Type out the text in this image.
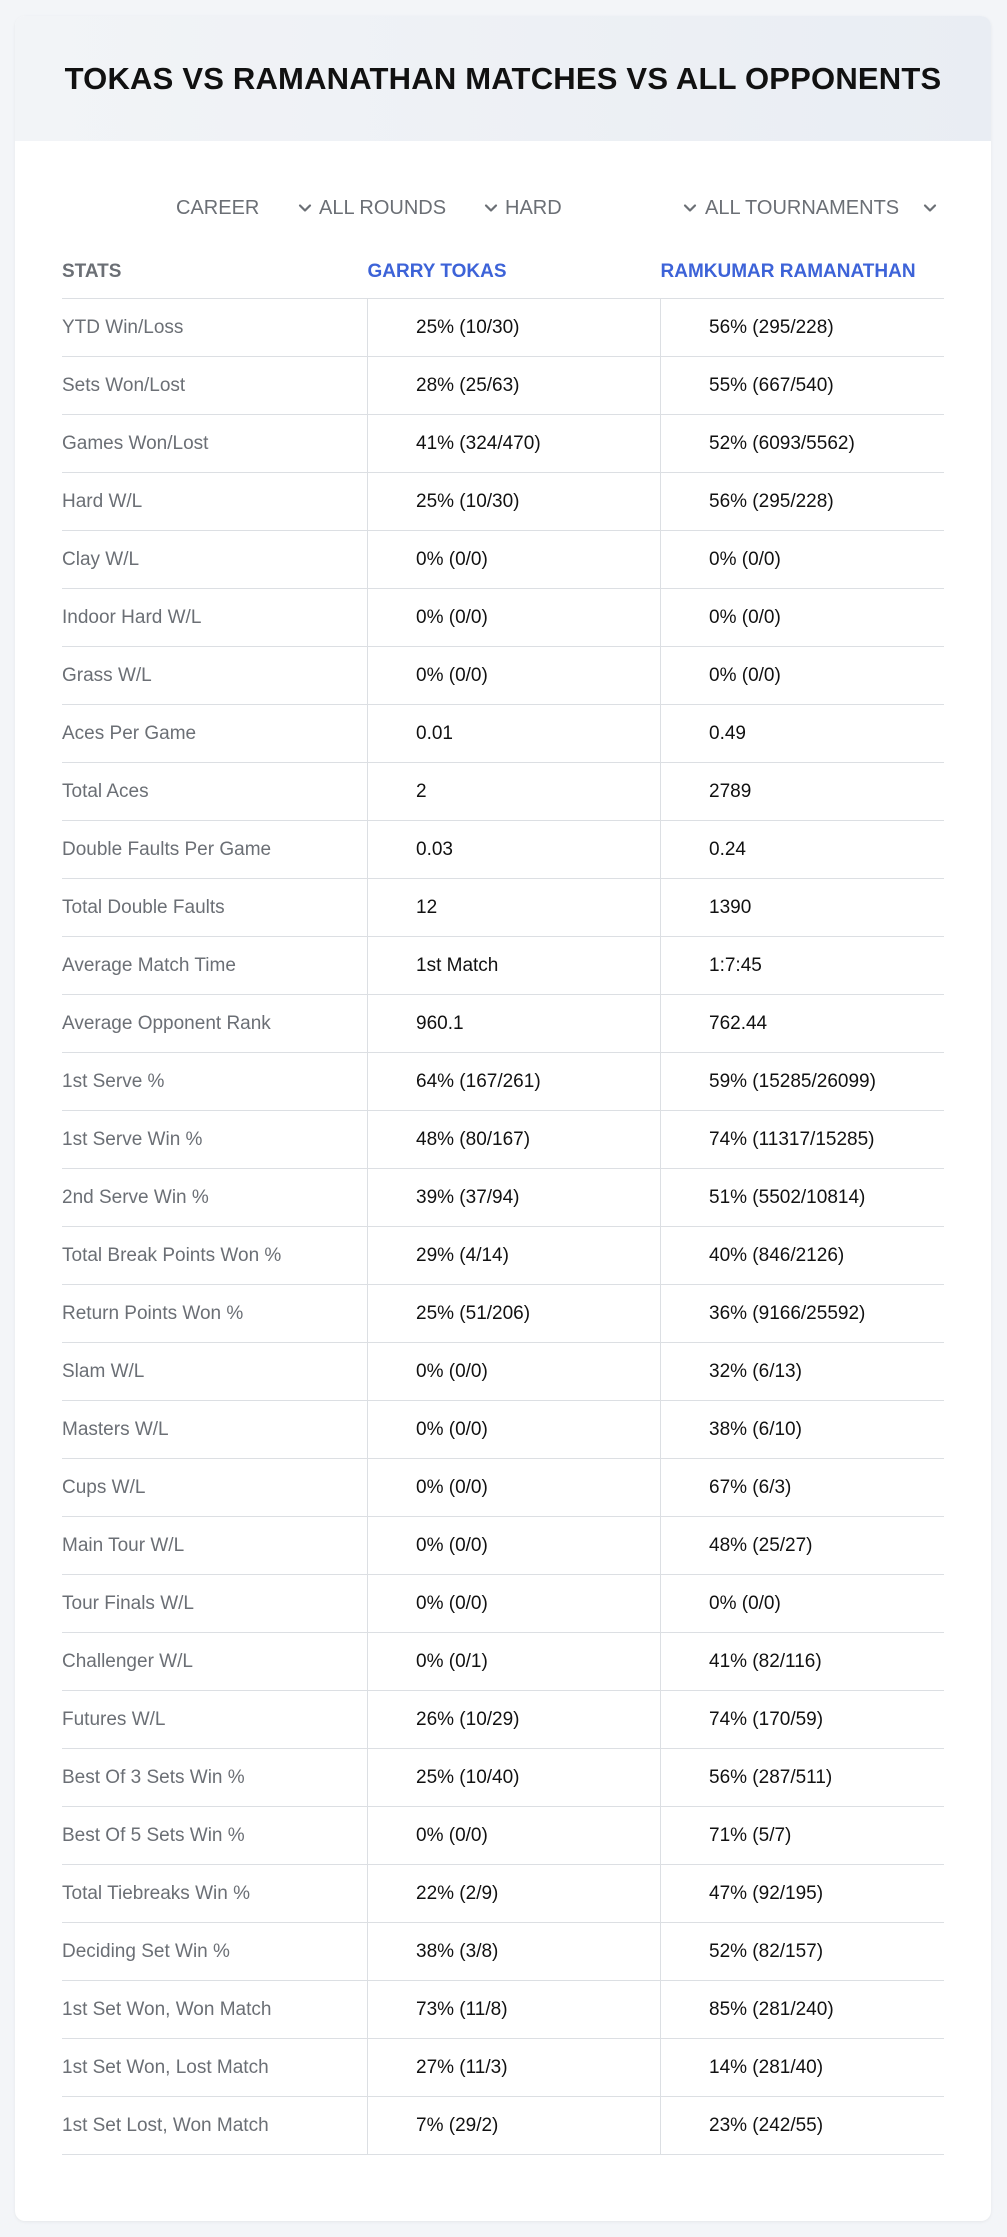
TOKAS VS RAMANATHAN MATCHES VS ALL OPPONENTS
CAREER	ALL ROUNDS	HARD	ALL TOURNAMENTS
STATS	GARRY TOKAS	RAMKUMAR RAMANATHAN
YTD Win/Loss	25% (10/30)	56% (295/228)
Sets Won/Lost	28% (25/63)	55% (667/540)
Games Won/Lost	41% (324/470)	52% (6093/5562)
Hard W/L	25% (10/30)	56% (295/228)
Clay W/L	0% (0/0)	0% (0/0)
Indoor Hard W/L	0% (0/0)	0% (0/0)
Grass W/L	0% (0/0)	0% (0/0)
Aces Per Game	0.01	0.49
Total Aces	2	2789
Double Faults Per Game	0.03	0.24
Total Double Faults	12	1390
Average Match Time	1st Match	1:7:45
Average Opponent Rank	960.1	762.44
1st Serve %	64% (167/261)	59% (15285/26099)
1st Serve Win %	48% (80/167)	74% (11317/15285)
2nd Serve Win %	39% (37/94)	51% (5502/10814)
Total Break Points Won %	29% (4/14)	40% (846/2126)
Return Points Won %	25% (51/206)	36% (9166/25592)
Slam W/L	0% (0/0)	32% (6/13)
Masters W/L	0% (0/0)	38% (6/10)
Cups W/L	0% (0/0)	67% (6/3)
Main Tour W/L	0% (0/0)	48% (25/27)
Tour Finals W/L	0% (0/0)	0% (0/0)
Challenger W/L	0% (0/1)	41% (82/116)
Futures W/L	26% (10/29)	74% (170/59)
Best Of 3 Sets Win %	25% (10/40)	56% (287/511)
Best Of 5 Sets Win %	0% (0/0)	71% (5/7)
Total Tiebreaks Win %	22% (2/9)	47% (92/195)
Deciding Set Win %	38% (3/8)	52% (82/157)
1st Set Won, Won Match	73% (11/8)	85% (281/240)
1st Set Won, Lost Match	27% (11/3)	14% (281/40)
1st Set Lost, Won Match	7% (29/2)	23% (242/55)
